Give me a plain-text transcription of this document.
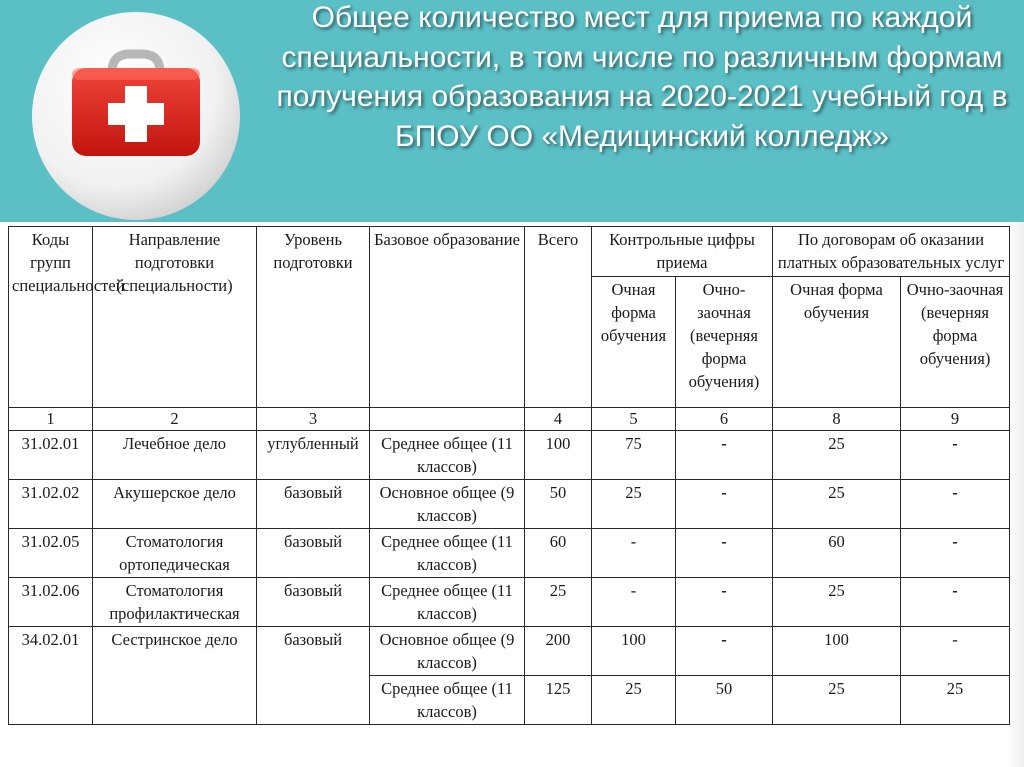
Общее количество мест для приема по каждой специальности, в том числе по различным формам получения образования на 2020-2021 учебный год в БПОУ ОО «Медицинский колледж»
Коды групп специальностей	Направление подготовки (специальности)	Уровень подготовки	Базовое образование	Всего	Контрольные цифры приема		По договорам об оказании платных образовательных услуг	
					Очная форма обучения	Очно-заочная (вечерняя форма обучения)	Очная форма обучения	Очно-заочная (вечерняя форма обучения)
1	2	3		4	5	6	8	9
31.02.01	Лечебное дело	углубленный	Среднее общее (11 классов)	100	75	-	25	-
31.02.02	Акушерское дело	базовый	Основное общее (9 классов)	50	25	-	25	-
31.02.05	Стоматология ортопедическая	базовый	Среднее общее (11 классов)	60	-	-	60	-
31.02.06	Стоматология профилактическая	базовый	Среднее общее (11 классов)	25	-	-	25	-
34.02.01	Сестринское дело	базовый	Основное общее (9 классов)	200	100	-	100	-
			Среднее общее (11 классов)	125	25	50	25	25
